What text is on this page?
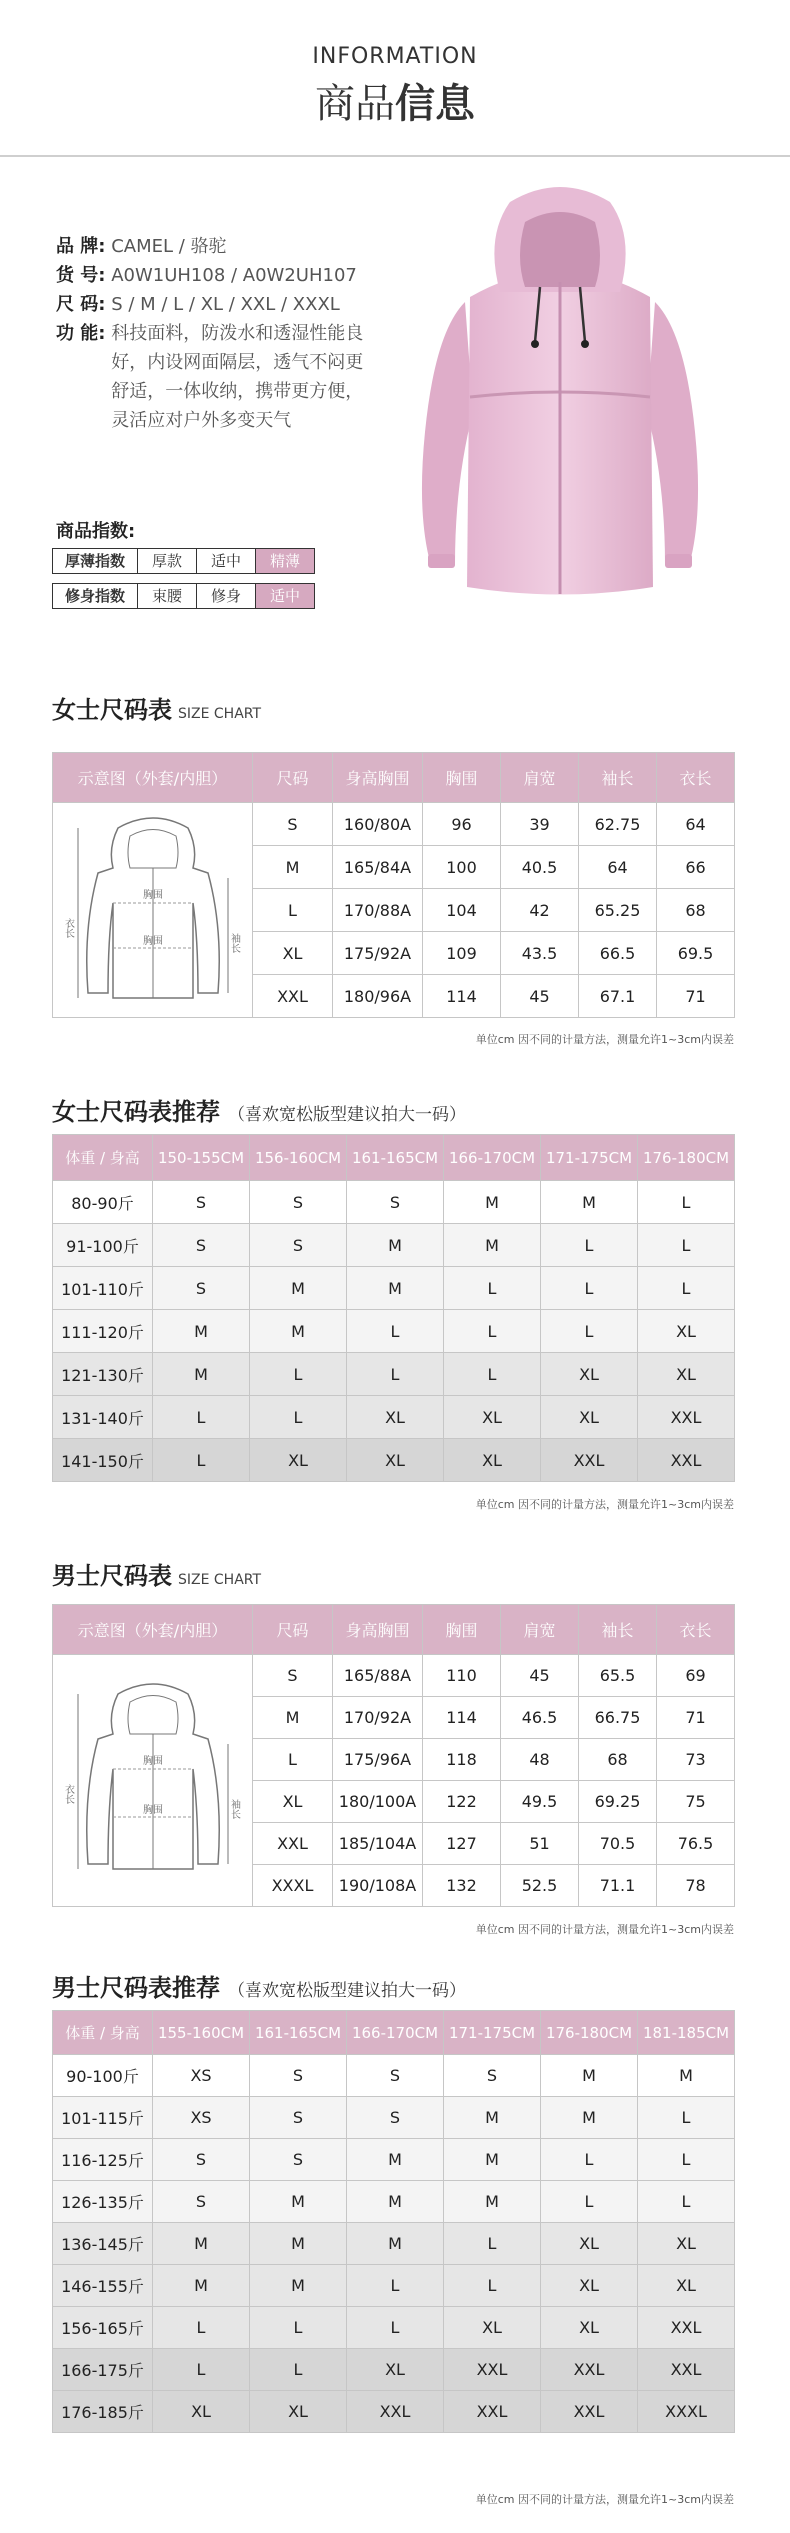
INFORMATION
商品信息
品 牌:
CAMEL / 骆驼
货 号:
A0W1UH108 / A0W2UH107
尺 码:
S / M / L / XL / XXL / XXXL
功 能:
科技面料，防泼水和透湿性能良好，内设网面隔层，透气不闷更舒适，一体收纳，携带更方便，灵活应对户外多变天气
商品指数:
厚薄指数	厚款	适中	精薄
修身指数	束腰	修身	适中
女士尺码表 SIZE CHART
示意图（外套/内胆）	尺码	身高胸围	胸围	肩宽	袖长	衣长

胸围
胸围
衣长
袖长	S	160/80A	96	39	62.75	64
	M	165/84A	100	40.5	64	66
	L	170/88A	104	42	65.25	68
	XL	175/92A	109	43.5	66.5	69.5
	XXL	180/96A	114	45	67.1	71
单位cm 因不同的计量方法，测量允许1~3cm内误差
女士尺码表推荐 （喜欢宽松版型建议拍大一码）
体重 / 身高	150-155CM	156-160CM	161-165CM	166-170CM	171-175CM	176-180CM
80-90斤	S	S	S	M	M	L
91-100斤	S	S	M	M	L	L
101-110斤	S	M	M	L	L	L
111-120斤	M	M	L	L	L	XL
121-130斤	M	L	L	L	XL	XL
131-140斤	L	L	XL	XL	XL	XXL
141-150斤	L	XL	XL	XL	XXL	XXL
单位cm 因不同的计量方法，测量允许1~3cm内误差
男士尺码表 SIZE CHART
示意图（外套/内胆）	尺码	身高胸围	胸围	肩宽	袖长	衣长

胸围
胸围
衣长
袖长	S	165/88A	110	45	65.5	69
	M	170/92A	114	46.5	66.75	71
	L	175/96A	118	48	68	73
	XL	180/100A	122	49.5	69.25	75
	XXL	185/104A	127	51	70.5	76.5
	XXXL	190/108A	132	52.5	71.1	78
单位cm 因不同的计量方法，测量允许1~3cm内误差
男士尺码表推荐 （喜欢宽松版型建议拍大一码）
体重 / 身高	155-160CM	161-165CM	166-170CM	171-175CM	176-180CM	181-185CM
90-100斤	XS	S	S	S	M	M
101-115斤	XS	S	S	M	M	L
116-125斤	S	S	M	M	L	L
126-135斤	S	M	M	M	L	L
136-145斤	M	M	M	L	XL	XL
146-155斤	M	M	L	L	XL	XL
156-165斤	L	L	L	XL	XL	XXL
166-175斤	L	L	XL	XXL	XXL	XXL
176-185斤	XL	XL	XXL	XXL	XXL	XXXL
单位cm 因不同的计量方法，测量允许1~3cm内误差
